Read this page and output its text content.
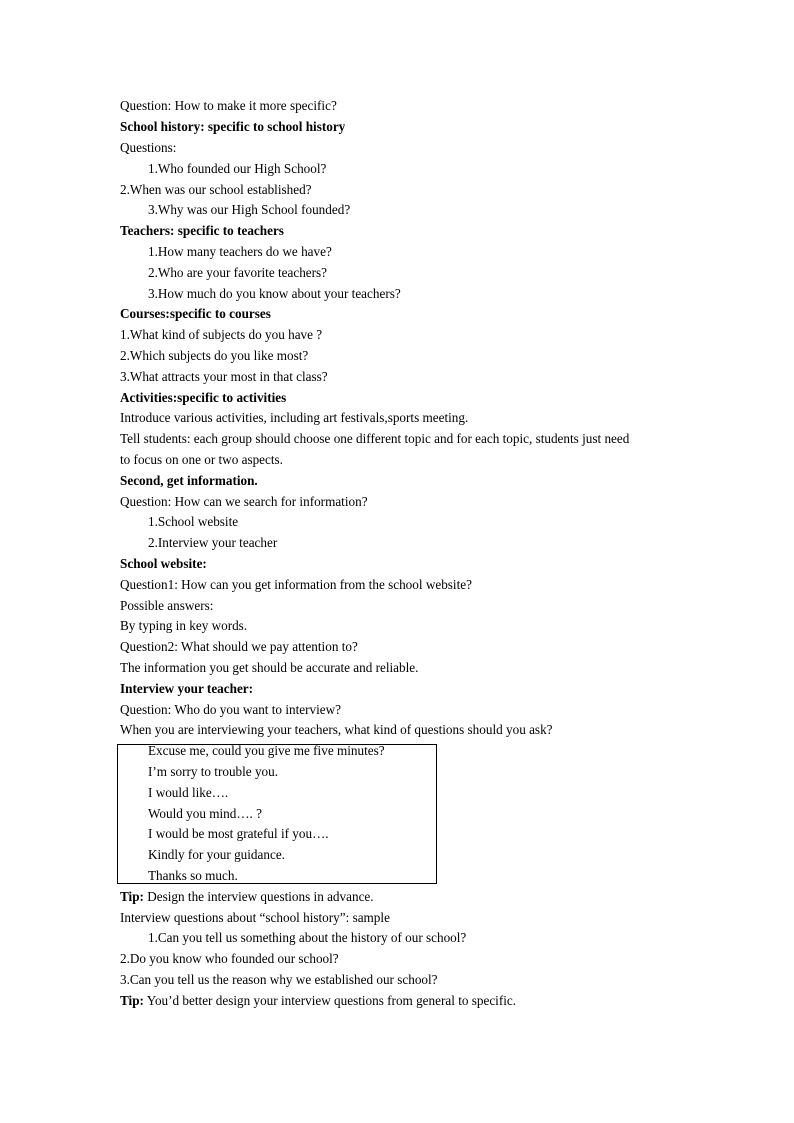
Question: How to make it more specific?
School history: specific to school history
Questions:
1.Who founded our High School?
2.When was our school established?
3.Why was our High School founded?
Teachers: specific to teachers
1.How many teachers do we have?
2.Who are your favorite teachers?
3.How much do you know about your teachers?
Courses:specific to courses
1.What kind of subjects do you have ?
2.Which subjects do you like most?
3.What attracts your most in that class?
Activities:specific to activities
Introduce various activities, including art festivals,sports meeting.
Tell students: each group should choose one different topic and for each topic, students just need
to focus on one or two aspects.
Second, get information.
Question: How can we search for information?
1.School website
2.Interview your teacher
School website:
Question1: How can you get information from the school website?
Possible answers:
By typing in key words.
Question2: What should we pay attention to?
The information you get should be accurate and reliable.
Interview your teacher:
Question: Who do you want to interview?
When you are interviewing your teachers, what kind of questions should you ask?
Excuse me, could you give me five minutes?
I’m sorry to trouble you.
I would like….
Would you mind…. ?
I would be most grateful if you….
Kindly for your guidance.
Thanks so much.
Tip: Design the interview questions in advance.
Interview questions about “school history”: sample
1.Can you tell us something about the history of our school?
2.Do you know who founded our school?
3.Can you tell us the reason why we established our school?
Tip: You’d better design your interview questions from general to specific.
